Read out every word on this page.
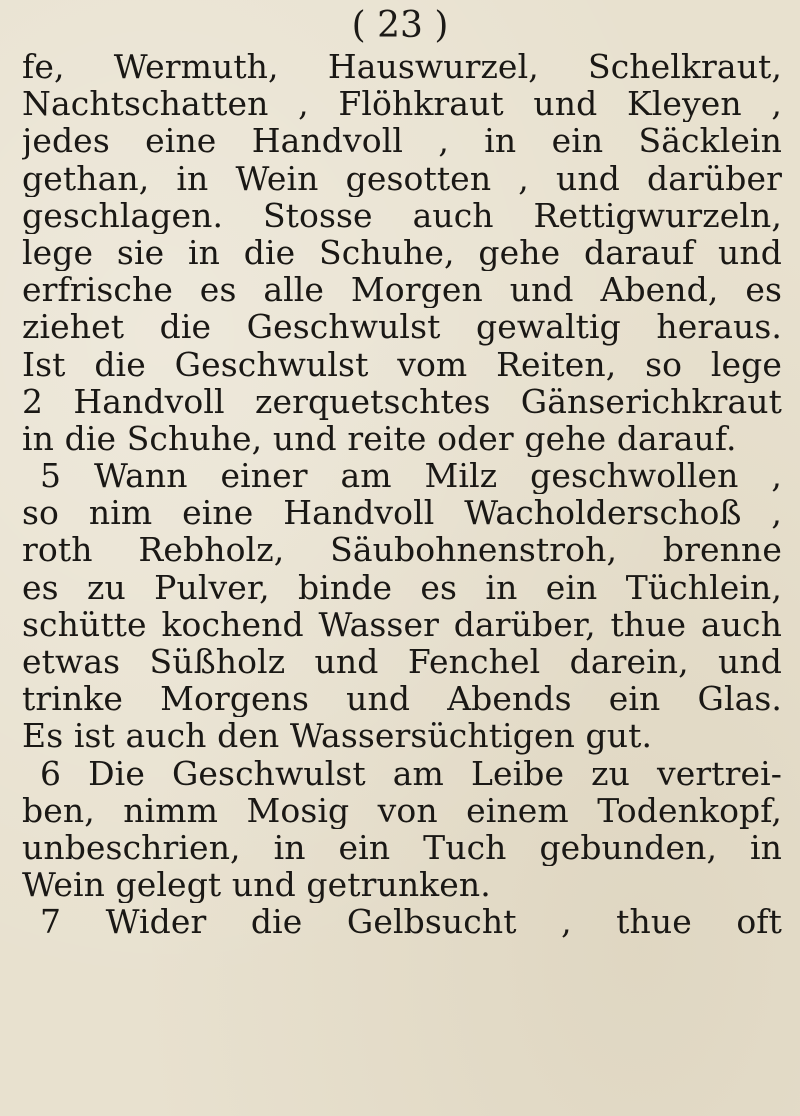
( 23 )
fe, Wermuth, Hauswurzel, Schelkraut,
Nachtschatten , Flöhkraut und Kleyen ,
jedes eine Handvoll , in ein Säcklein
gethan, in Wein gesotten , und darüber
geschlagen. Stosse auch Rettigwurzeln,
lege sie in die Schuhe, gehe darauf und
erfrische es alle Morgen und Abend, es
ziehet die Geschwulst gewaltig heraus.
Ist die Geschwulst vom Reiten, so lege
2 Handvoll zerquetschtes Gänserichkraut
in die Schuhe, und reite oder gehe darauf.
5 Wann einer am Milz geschwollen ,
so nim eine Handvoll Wacholderschoß ,
roth Rebholz, Säubohnenstroh, brenne
es zu Pulver, binde es in ein Tüchlein,
schütte kochend Wasser darüber, thue auch
etwas Süßholz und Fenchel darein, und
trinke Morgens und Abends ein Glas.
Es ist auch den Wassersüchtigen gut.
6 Die Geschwulst am Leibe zu vertrei-
ben, nimm Mosig von einem Todenkopf,
unbeschrien, in ein Tuch gebunden, in
Wein gelegt und getrunken.
7 Wider die Gelbsucht , thue oft
